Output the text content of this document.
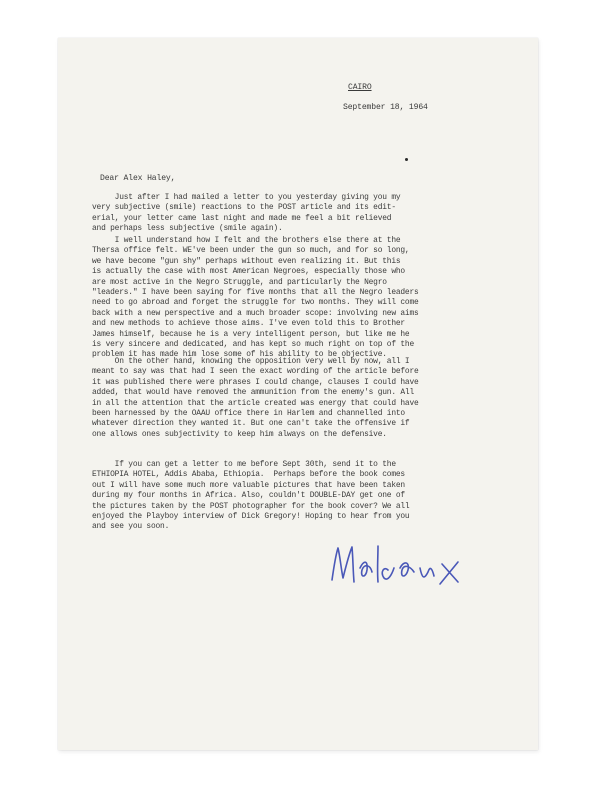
CAIRO
September 18, 1964
Dear Alex Haley,
Just after I had mailed a letter to you yesterday giving you my
very subjective (smile) reactions to the POST article and its edit-
erial, your letter came last night and made me feel a bit relieved
and perhaps less subjective (smile again).
I well understand how I felt and the brothers else there at the
Thersa office felt. WE've been under the gun so much, and for so long,
we have become "gun shy" perhaps without even realizing it. But this
is actually the case with most American Negroes, especially those who
are most active in the Negro Struggle, and particularly the Negro
"leaders." I have been saying for five months that all the Negro leaders
need to go abroad and forget the struggle for two months. They will come
back with a new perspective and a much broader scope: involving new aims
and new methods to achieve those aims. I've even told this to Brother
James himself, because he is a very intelligent person, but like me he
is very sincere and dedicated, and has kept so much right on top of the
problem it has made him lose some of his ability to be objective.
On the other hand, knowing the opposition very well by now, all I
meant to say was that had I seen the exact wording of the article before
it was published there were phrases I could change, clauses I could have
added, that would have removed the ammunition from the enemy's gun. All
in all the attention that the article created was energy that could have
been harnessed by the OAAU office there in Harlem and channelled into
whatever direction they wanted it. But one can't take the offensive if
one allows ones subjectivity to keep him always on the defensive.
If you can get a letter to me before Sept 30th, send it to the
ETHIOPIA HOTEL, Addis Ababa, Ethiopia.  Perhaps before the book comes
out I will have some much more valuable pictures that have been taken
during my four months in Africa. Also, couldn't DOUBLE-DAY get one of
the pictures taken by the POST photographer for the book cover? We all
enjoyed the Playboy interview of Dick Gregory! Hoping to hear from you
and see you soon.
